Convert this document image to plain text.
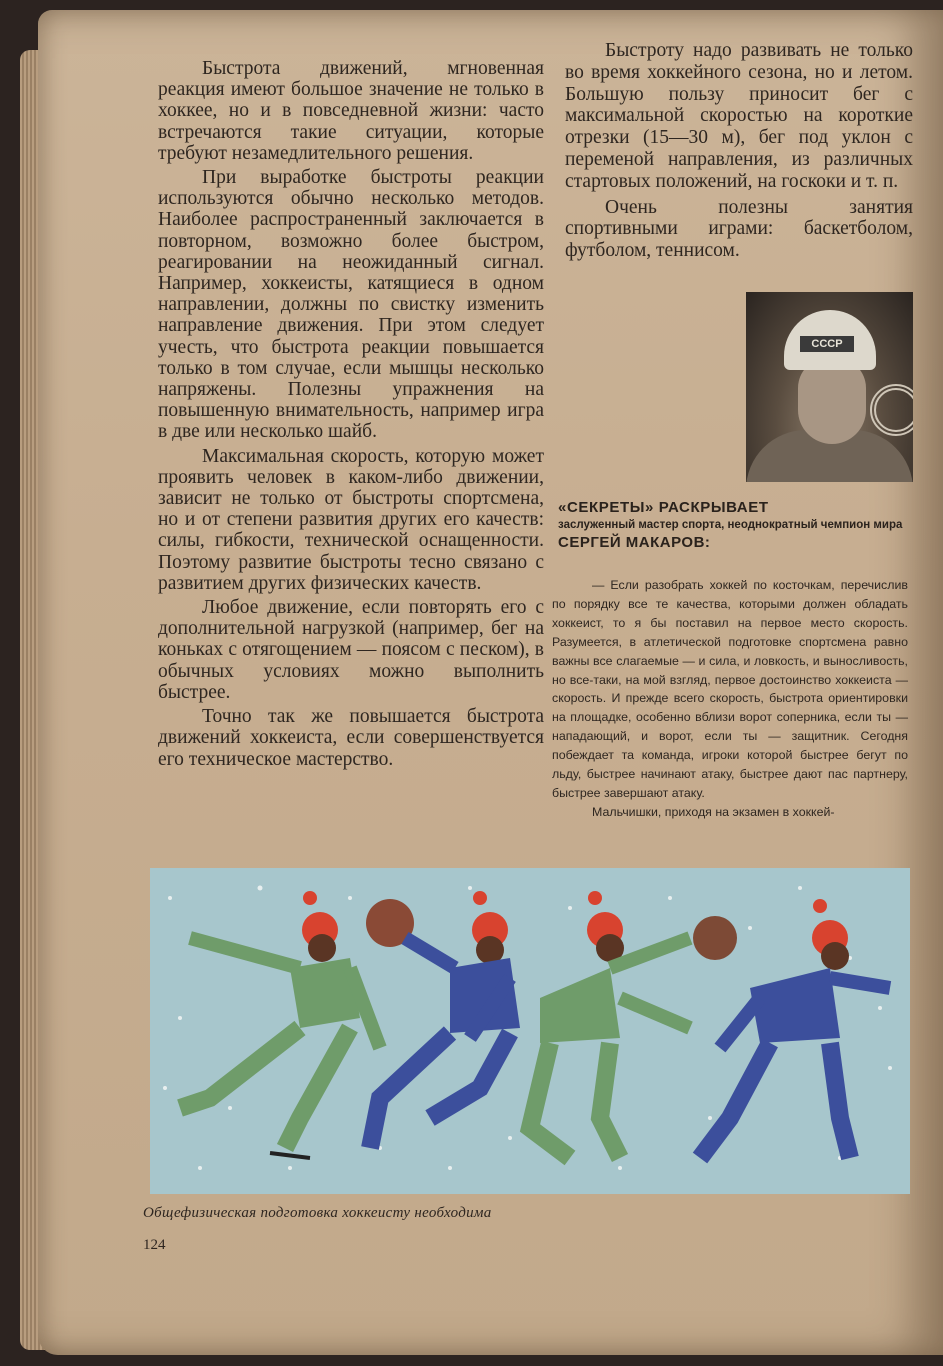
Быстрота движений, мгновенная реакция имеют большое значение не только в хоккее, но и в повседневной жизни: часто встречаются такие ситуации, которые требуют незамедлительного решения.

При выработке быстроты реакции используются обычно несколько методов. Наиболее распространенный заключается в повторном, возможно более быстром, реагировании на неожиданный сигнал. Например, хоккеисты, катящиеся в одном направлении, должны по свистку изменить направление движения. При этом следует учесть, что быстрота реакции повышается только в том случае, если мышцы несколько напряжены. Полезны упражнения на повышенную внимательность, например игра в две или несколько шайб.

Максимальная скорость, которую может проявить человек в каком-либо движении, зависит не только от быстроты спортсмена, но и от степени развития других его качеств: силы, гибкости, технической оснащенности. Поэтому развитие быстроты тесно связано с развитием других физических качеств.

Любое движение, если повторять его с дополнительной нагрузкой (например, бег на коньках с отягощением — поясом с песком), в обычных условиях можно выполнить быстрее.

Точно так же повышается быстрота движений хоккеиста, если совершенствуется его техническое мастерство.

Быстроту надо развивать не только во время хоккейного сезона, но и летом. Большую пользу приносит бег с максимальной скоростью на короткие отрезки (15—30 м), бег под уклон с переменой направления, из различных стартовых положений, на госкоки и т. п.

Очень полезны занятия спортивными играми: баскетболом, футболом, теннисом.

СССР

«СЕКРЕТЫ» РАСКРЫВАЕТ

заслуженный мастер спорта, неоднократный чемпион мира

СЕРГЕЙ МАКАРОВ:

— Если разобрать хоккей по косточкам, перечислив по порядку все те качества, которыми должен обладать хоккеист, то я бы поставил на первое место скорость. Разумеется, в атлетической подготовке спортсмена равно важны все слагаемые — и сила, и ловкость, и выносливость, но все-таки, на мой взгляд, первое достоинство хоккеиста — скорость. И прежде всего скорость, быстрота ориентировки на площадке, особенно вблизи ворот соперника, если ты — нападающий, и ворот, если ты — защитник. Сегодня побеждает та команда, игроки которой быстрее бегут по льду, быстрее начинают атаку, быстрее дают пас партнеру, быстрее завершают атаку.

Мальчишки, приходя на экзамен в хоккей-

Общефизическая подготовка хоккеисту необходима
124
